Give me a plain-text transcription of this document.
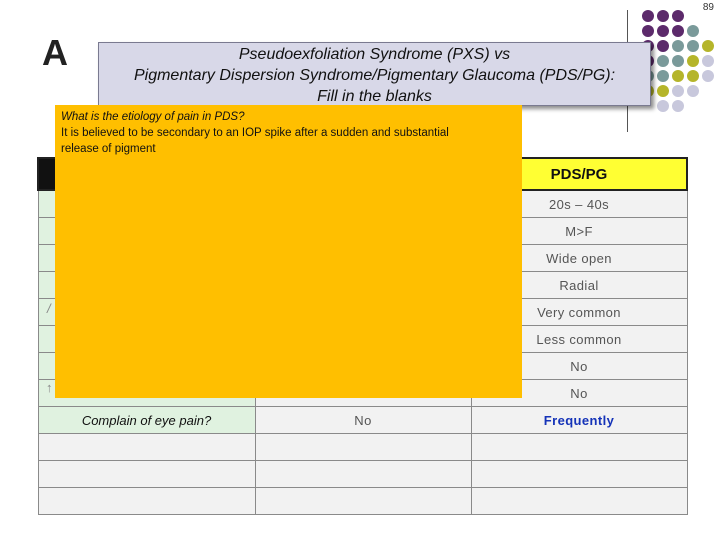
89
A	Pseudoexfoliation Syndrome (PXS) vs
Pigmentary Dispersion Syndrome/Pigmentary Glaucoma (PDS/PG):
Fill in the blanks
		PDS/PG
		20s – 40s
		M>F
		Wide open
		Radial
		Very common
		Less common
		No
		No
Complain of eye pain?	No	Frequently

/
↑
What is the etiology of pain in PDS?
It is believed to be secondary to an IOP spike after a sudden and substantial
release of pigment
